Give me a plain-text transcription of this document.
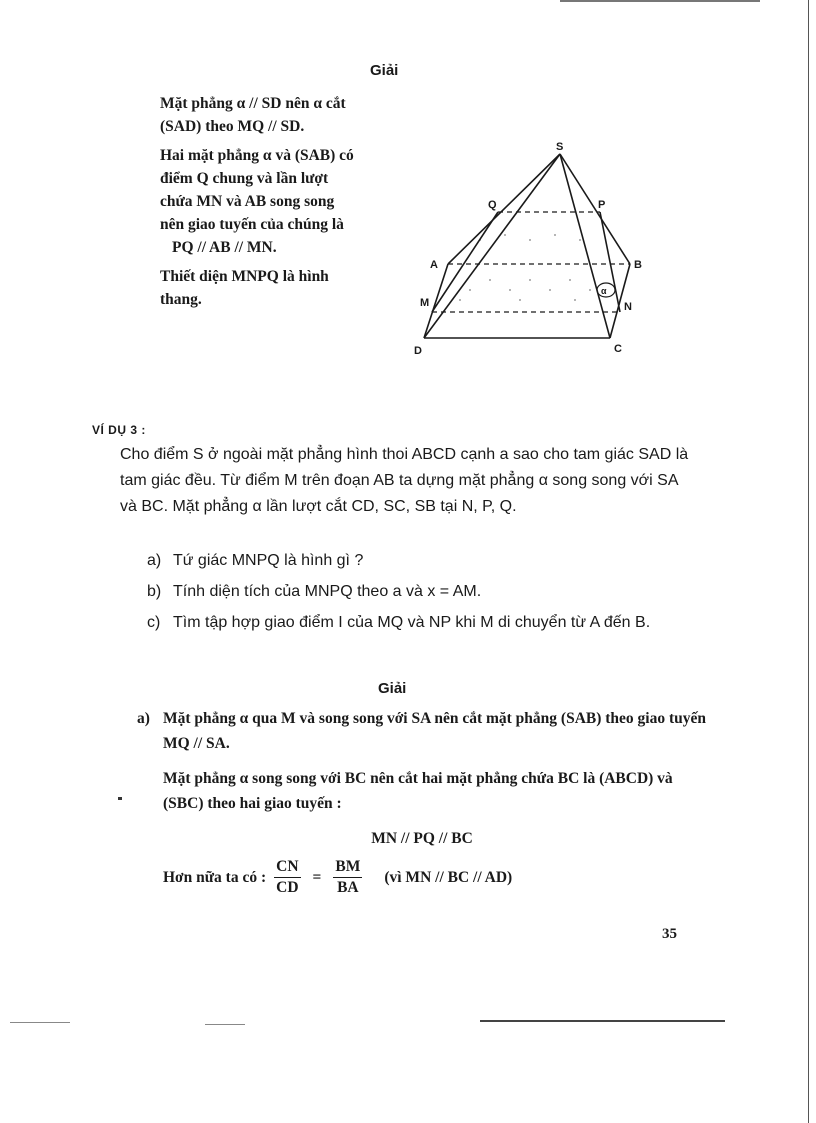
Giải

Mặt phẳng α // SD nên α cắt (SAD) theo MQ // SD.

Hai mặt phẳng α và (SAB) có điểm Q chung và lần lượt chứa MN và AB song song nên giao tuyến của chúng là

PQ // AB // MN.

Thiết diện MNPQ là hình thang.

S
Q	P
A	B
M	N
D	C
α
VÍ DỤ 3 :

Cho điểm S ở ngoài mặt phẳng hình thoi ABCD cạnh a sao cho tam giác SAD là tam giác đều. Từ điểm M trên đoạn AB ta dựng mặt phẳng α song song với SA và BC. Mặt phẳng α lần lượt cắt CD, SC, SB tại N, P, Q.

a) Tứ giác MNPQ là hình gì ?
b) Tính diện tích của MNPQ theo a và x = AM.
c) Tìm tập hợp giao điểm I của MQ và NP khi M di chuyển từ A đến B.
Giải
a) Mặt phẳng α qua M và song song với SA nên cắt mặt phẳng (SAB) theo giao tuyến MQ // SA.

Mặt phẳng α song song với BC nên cắt hai mặt phẳng chứa BC là (ABCD) và (SBC) theo hai giao tuyến :

MN // PQ // BC
Hơn nữa ta có : $\frac{CN}{CD} = \frac{BM}{BA}$ (vì MN // BC // AD)
35
